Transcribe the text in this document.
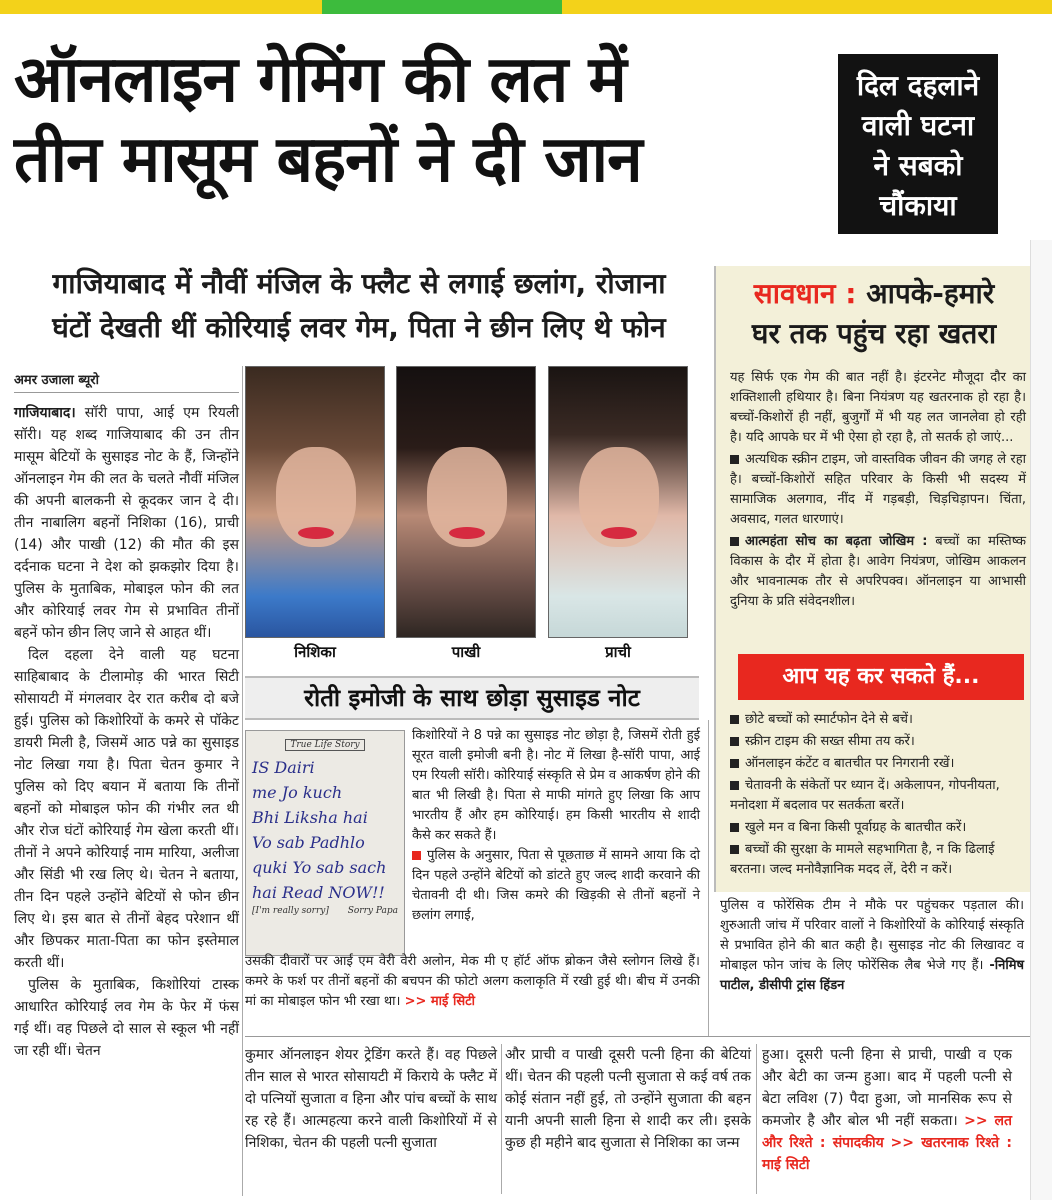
ऑनलाइन गेमिंग की लत में
तीन मासूम बहनों ने दी जान
दिल दहलाने
वाली घटना
ने सबको
चौंकाया
गाजियाबाद में नौवीं मंजिल के फ्लैट से लगाई छलांग, रोजाना
घंटों देखती थीं कोरियाई लवर गेम, पिता ने छीन लिए थे फोन
अमर उजाला ब्यूरो

गाजियाबाद। सॉरी पापा, आई एम रियली सॉरी। यह शब्द गाजियाबाद की उन तीन मासूम बेटियों के सुसाइड नोट के हैं, जिन्होंने ऑनलाइन गेम की लत के चलते नौवीं मंजिल की अपनी बालकनी से कूदकर जान दे दी। तीन नाबालिग बहनों निशिका (16), प्राची (14) और पाखी (12) की मौत की इस दर्दनाक घटना ने देश को झकझोर दिया है। पुलिस के मुताबिक, मोबाइल फोन की लत और कोरियाई लवर गेम से प्रभावित तीनों बहनें फोन छीन लिए जाने से आहत थीं।

दिल दहला देने वाली यह घटना साहिबाबाद के टीलामोड़ की भारत सिटी सोसायटी में मंगलवार देर रात करीब दो बजे हुई। पुलिस को किशोरियों के कमरे से पॉकेट डायरी मिली है, जिसमें आठ पन्ने का सुसाइड नोट लिखा गया है। पिता चेतन कुमार ने पुलिस को दिए बयान में बताया कि तीनों बहनों को मोबाइल फोन की गंभीर लत थी और रोज घंटों कोरियाई गेम खेला करती थीं। तीनों ने अपने कोरियाई नाम मारिया, अलीजा और सिंडी भी रख लिए थे। चेतन ने बताया, तीन दिन पहले उन्होंने बेटियों से फोन छीन लिए थे। इस बात से तीनों बेहद परेशान थीं और छिपकर माता-पिता का फोन इस्तेमाल करती थीं।

पुलिस के मुताबिक, किशोरियां टास्क आधारित कोरियाई लव गेम के फेर में फंस गई थीं। वह पिछले दो साल से स्कूल भी नहीं जा रही थीं। चेतन

निशिका	पाखी	प्राची
रोती इमोजी के साथ छोड़ा सुसाइड नोट
True Life Story
IS Dairi
me Jo kuch
Bhi Liksha hai
Vo sab Padhlo
quki Yo sab sach
hai Read NOW!!
[I'm really sorry] Sorry Papa

किशोरियों ने 8 पन्ने का सुसाइड नोट छोड़ा है, जिसमें रोती हुई सूरत वाली इमोजी बनी है। नोट में लिखा है-सॉरी पापा, आई एम रियली सॉरी। कोरियाई संस्कृति से प्रेम व आकर्षण होने की बात भी लिखी है। पिता से माफी मांगते हुए लिखा कि आप भारतीय हैं और हम कोरियाई। हम किसी भारतीय से शादी कैसे कर सकते हैं।

पुलिस के अनुसार, पिता से पूछताछ में सामने आया कि दो दिन पहले उन्होंने बेटियों को डांटते हुए जल्द शादी करवाने की चेतावनी दी थी। जिस कमरे की खिड़की से तीनों बहनों ने छलांग लगाई,

उसकी दीवारों पर आई एम वेरी वेरी अलोन, मेक मी ए हॉर्ट ऑफ ब्रोकन जैसे स्लोगन लिखे हैं। कमरे के फर्श पर तीनों बहनों की बचपन की फोटो अलग कलाकृति में रखी हुई थी। बीच में उनकी मां का मोबाइल फोन भी रखा था। >> माई सिटी
सावधान : आपके-हमारे
घर तक पहुंच रहा खतरा

यह सिर्फ एक गेम की बात नहीं है। इंटरनेट मौजूदा दौर का शक्तिशाली हथियार है। बिना नियंत्रण यह खतरनाक हो रहा है। बच्चों-किशोरों ही नहीं, बुजुर्गों में भी यह लत जानलेवा हो रही है। यदि आपके घर में भी ऐसा हो रहा है, तो सतर्क हो जाएं...

अत्यधिक स्क्रीन टाइम, जो वास्तविक जीवन की जगह ले रहा है। बच्चों-किशोरों सहित परिवार के किसी भी सदस्य में सामाजिक अलगाव, नींद में गड़बड़ी, चिड़चिड़ापन। चिंता, अवसाद, गलत धारणाएं।

आत्महंता सोच का बढ़ता जोखिम : बच्चों का मस्तिष्क विकास के दौर में होता है। आवेग नियंत्रण, जोखिम आकलन और भावनात्मक तौर से अपरिपक्व। ऑनलाइन या आभासी दुनिया के प्रति संवेदनशील।

आप यह कर सकते हैं...
छोटे बच्चों को स्मार्टफोन देने से बचें।
स्क्रीन टाइम की सख्त सीमा तय करें।
ऑनलाइन कंटेंट व बातचीत पर निगरानी रखें।
चेतावनी के संकेतों पर ध्यान दें। अकेलापन, गोपनीयता, मनोदशा में बदलाव पर सतर्कता बरतें।
खुले मन व बिना किसी पूर्वाग्रह के बातचीत करें।
बच्चों की सुरक्षा के मामले सहभागिता है, न कि ढिलाई बरतना। जल्द मनोवैज्ञानिक मदद लें, देरी न करें।
पुलिस व फोरेंसिक टीम ने मौके पर पहुंचकर पड़ताल की। शुरुआती जांच में परिवार वालों ने किशोरियों के कोरियाई संस्कृति से प्रभावित होने की बात कही है। सुसाइड नोट की लिखावट व मोबाइल फोन जांच के लिए फोरेंसिक लैब भेजे गए हैं। -निमिष पाटील, डीसीपी ट्रांस हिंडन
कुमार ऑनलाइन शेयर ट्रेडिंग करते हैं। वह पिछले तीन साल से भारत सोसायटी में किराये के फ्लैट में दो पत्नियों सुजाता व हिना और पांच बच्चों के साथ रह रहे हैं। आत्महत्या करने वाली किशोरियों में से निशिका, चेतन की पहली पत्नी सुजाता
और प्राची व पाखी दूसरी पत्नी हिना की बेटियां थीं। चेतन की पहली पत्नी सुजाता से कई वर्ष तक कोई संतान नहीं हुई, तो उन्होंने सुजाता की बहन यानी अपनी साली हिना से शादी कर ली। इसके कुछ ही महीने बाद सुजाता से निशिका का जन्म
हुआ। दूसरी पत्नी हिना से प्राची, पाखी व एक और बेटी का जन्म हुआ। बाद में पहली पत्नी से बेटा लविश (7) पैदा हुआ, जो मानसिक रूप से कमजोर है और बोल भी नहीं सकता। >> लत और रिश्ते : संपादकीय >> खतरनाक रिश्ते : माई सिटी
